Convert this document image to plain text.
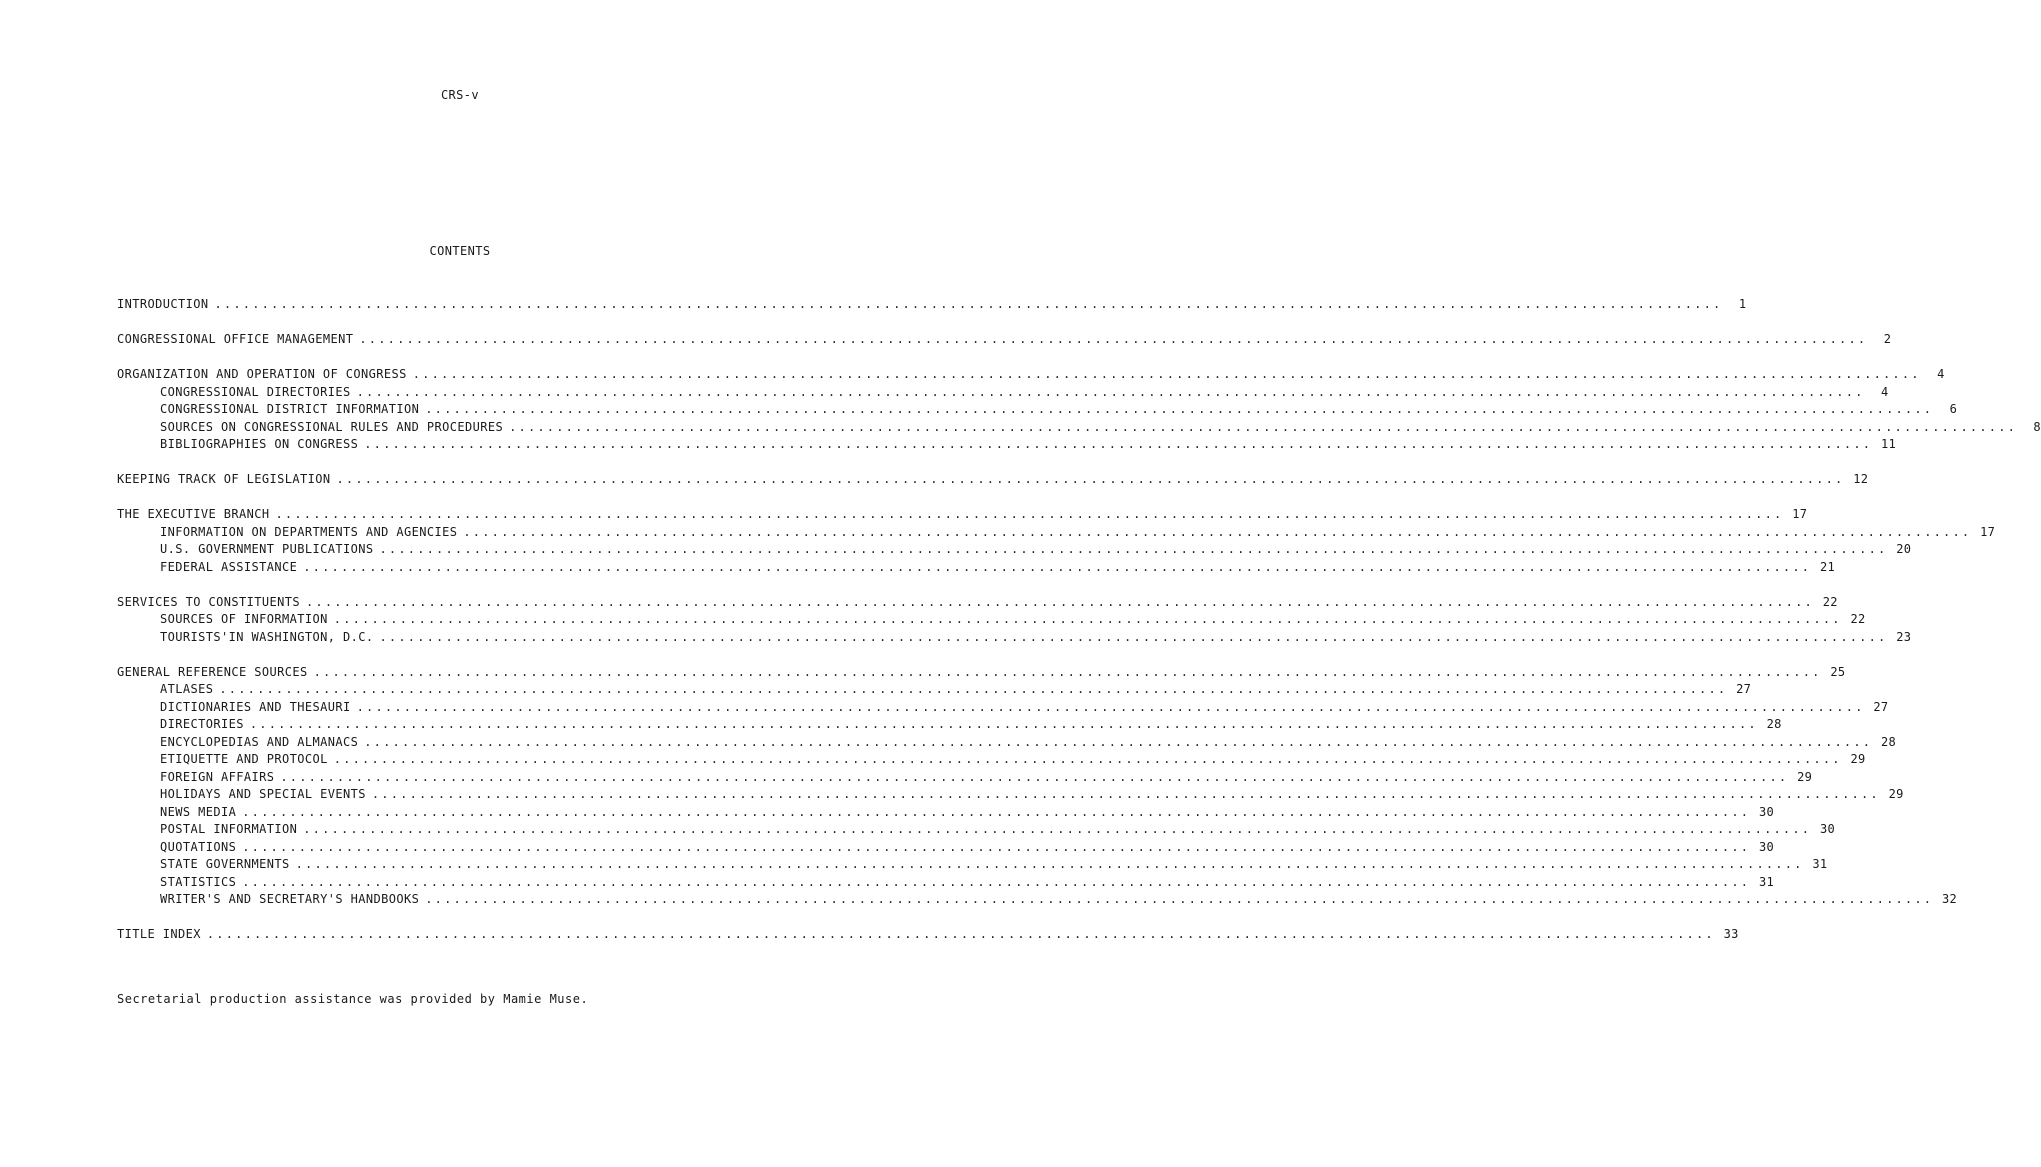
CRS-v
CONTENTS
INTRODUCTION ................................................................................................................................................................	1
CONGRESSIONAL OFFICE MANAGEMENT ................................................................................................................................................................	2
ORGANIZATION AND OPERATION OF CONGRESS ................................................................................................................................................................	4
CONGRESSIONAL DIRECTORIES ................................................................................................................................................................	4
CONGRESSIONAL DISTRICT INFORMATION ................................................................................................................................................................	6
SOURCES ON CONGRESSIONAL RULES AND PROCEDURES ................................................................................................................................................................	8
BIBLIOGRAPHIES ON CONGRESS ................................................................................................................................................................ 11
KEEPING TRACK OF LEGISLATION ................................................................................................................................................................ 12
THE EXECUTIVE BRANCH ................................................................................................................................................................ 17
INFORMATION ON DEPARTMENTS AND AGENCIES ................................................................................................................................................................ 17
U.S. GOVERNMENT PUBLICATIONS ................................................................................................................................................................ 20
FEDERAL ASSISTANCE ................................................................................................................................................................ 21
SERVICES TO CONSTITUENTS ................................................................................................................................................................ 22
SOURCES OF INFORMATION ................................................................................................................................................................ 22
TOURISTS'IN WASHINGTON, D.C. ................................................................................................................................................................ 23
GENERAL REFERENCE SOURCES ................................................................................................................................................................ 25
ATLASES ................................................................................................................................................................ 27
DICTIONARIES AND THESAURI ................................................................................................................................................................ 27
DIRECTORIES ................................................................................................................................................................ 28
ENCYCLOPEDIAS AND ALMANACS ................................................................................................................................................................ 28
ETIQUETTE AND PROTOCOL ................................................................................................................................................................ 29
FOREIGN AFFAIRS ................................................................................................................................................................ 29
HOLIDAYS AND SPECIAL EVENTS ................................................................................................................................................................ 29
NEWS MEDIA ................................................................................................................................................................ 30
POSTAL INFORMATION ................................................................................................................................................................ 30
QUOTATIONS ................................................................................................................................................................ 30
STATE GOVERNMENTS ................................................................................................................................................................ 31
STATISTICS ................................................................................................................................................................ 31
WRITER'S AND SECRETARY'S HANDBOOKS ................................................................................................................................................................ 32
TITLE INDEX ................................................................................................................................................................ 33
Secretarial production assistance was provided by Mamie Muse.
